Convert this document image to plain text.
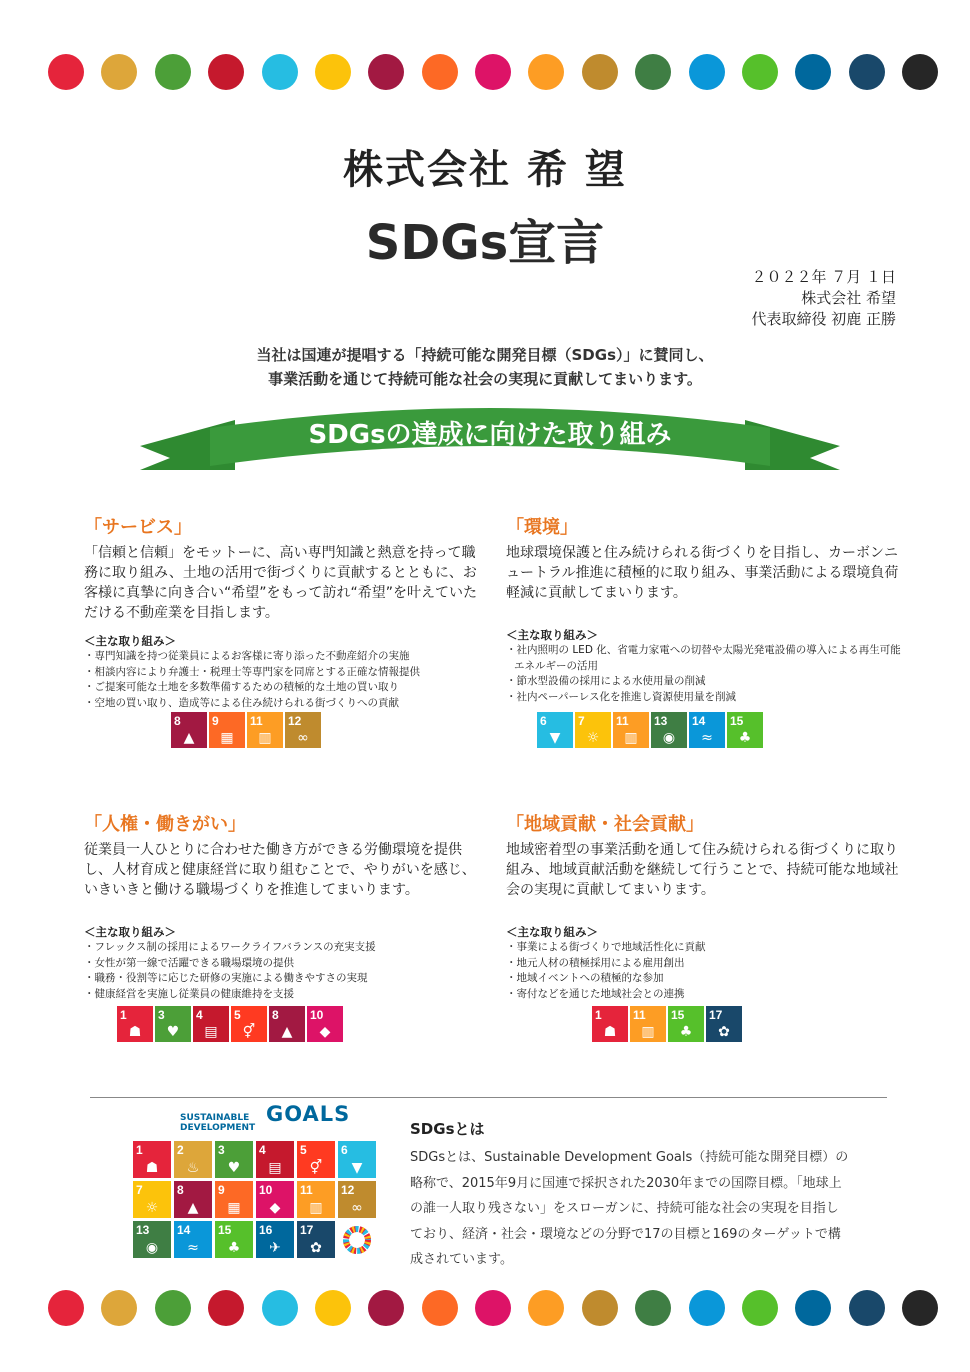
株式会社 希 望
SDGs宣言
２０２２年 ７月 １日
株式会社 希望
代表取締役 初鹿 正勝
当社は国連が提唱する「持続可能な開発目標（SDGs）」に賛同し、
事業活動を通じて持続可能な社会の実現に貢献してまいります。
SDGsの達成に向けた取り組み
「サービス」
「信頼と信頼」をモットーに、高い専門知識と熱意を持って職務に取り組み、土地の活用で街づくりに貢献するとともに、お客様に真摯に向き合い“希望”をもって訪れ“希望”を叶えていただける不動産業を目指します。
＜主な取り組み＞
・ 専門知識を持つ従業員によるお客様に寄り添った不動産紹介の実施
・ 相談内容により弁護士・税理士等専門家を同席とする正確な情報提供
・ ご提案可能な土地を多数準備するための積極的な土地の買い取り
・ 空地の買い取り、造成等による住み続けられる街づくりへの貢献
8
▲
9
▦
11
▥
12
∞
「環境」
地球環境保護と住み続けられる街づくりを目指し、カーボンニュートラル推進に積極的に取り組み、事業活動による環境負荷軽減に貢献してまいります。
＜主な取り組み＞
・ 社内照明の LED 化、省電力家電への切替や太陽光発電設備の導入による再生可能エネルギーの活用
・ 節水型設備の採用による水使用量の削減
・ 社内ペーパーレス化を推進し資源使用量を削減
6
▼
7
☼
11
▥
13
◉
14
≈
15
♣
「人権・働きがい」
従業員一人ひとりに合わせた働き方ができる労働環境を提供し、人材育成と健康経営に取り組むことで、やりがいを感じ、いきいきと働ける職場づくりを推進してまいります。
＜主な取り組み＞
・ フレックス制の採用によるワークライフバランスの充実支援
・ 女性が第一線で活躍できる職場環境の提供
・ 職務・役割等に応じた研修の実施による働きやすさの実現
・ 健康経営を実施し従業員の健康維持を支援
1
☗
3
♥
4
▤
5
⚥
8
▲
10
◆
「地域貢献・社会貢献」
地域密着型の事業活動を通して住み続けられる街づくりに取り組み、地域貢献活動を継続して行うことで、持続可能な地域社会の実現に貢献してまいります。
＜主な取り組み＞
・ 事業による街づくりで地域活性化に貢献
・ 地元人材の積極採用による雇用創出
・ 地域イベントへの積極的な参加
・ 寄付などを通じた地域社会との連携
1
☗
11
▥
15
♣
17
✿
SUSTAINABLE
DEVELOPMENT
GOALS
1
☗
2
♨
3
♥
4
▤
5
⚥
6
▼
7
☼
8
▲
9
▦
10
◆
11
▥
12
∞
13
◉
14
≈
15
♣
16
✈
17
✿
SDGsとは
SDGsとは、Sustainable Development Goals（持続可能な開発目標）の略称で、2015年9月に国連で採択された2030年までの国際目標。「地球上の誰一人取り残さない」をスローガンに、持続可能な社会の実現を目指しており、経済・社会・環境などの分野で17の目標と169のターゲットで構成されています。
